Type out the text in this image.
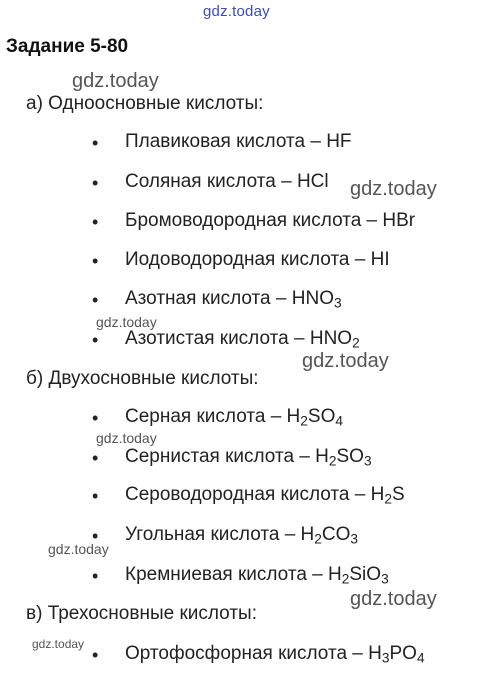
gdz.today
Задание 5-80
а) Одноосновные кислоты:
• Плавиковая кислота – HF
• Соляная кислота – HCl
• Бромоводородная кислота – HBr
• Иодоводородная кислота – HI
• Азотная кислота – $HNO_3$
• Азотистая кислота – $HNO_2$
б) Двухосновные кислоты:
• Серная кислота – $H_2SO_4$
• Сернистая кислота – $H_2SO_3$
• Сероводородная кислота – $H_2S$
• Угольная кислота – $H_2CO_3$
• Кремниевая кислота – $H_2SiO_3$
в) Трехосновные кислоты:
• Ортофосфорная кислота – $H_3PO_4$
gdz.today
gdz.today
gdz.today
gdz.today
gdz.today
gdz.today
gdz.today
gdz.today
